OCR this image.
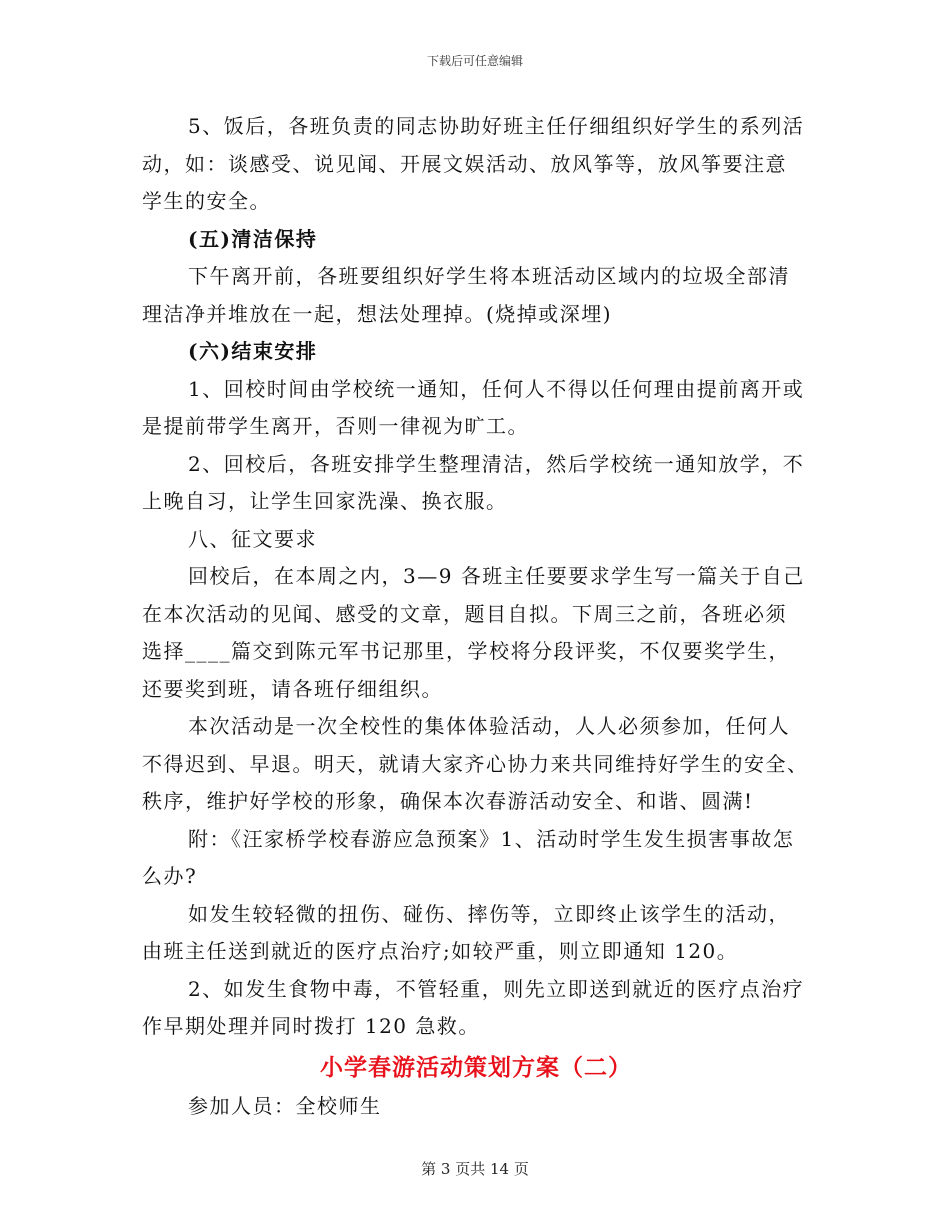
下载后可任意编辑
5、饭后，各班负责的同志协助好班主任仔细组织好学生的系列活
动，如：谈感受、说见闻、开展文娱活动、放风筝等，放风筝要注意
学生的安全。
(五)清洁保持
下午离开前，各班要组织好学生将本班活动区域内的垃圾全部清
理洁净并堆放在一起，想法处理掉。(烧掉或深埋)
(六)结束安排
1、回校时间由学校统一通知，任何人不得以任何理由提前离开或
是提前带学生离开，否则一律视为旷工。
2、回校后，各班安排学生整理清洁，然后学校统一通知放学，不
上晚自习，让学生回家洗澡、换衣服。
八、征文要求
回校后，在本周之内，3—9 各班主任要要求学生写一篇关于自己
在本次活动的见闻、感受的文章，题目自拟。下周三之前，各班必须
选择____篇交到陈元军书记那里，学校将分段评奖，不仅要奖学生，
还要奖到班，请各班仔细组织。
本次活动是一次全校性的集体体验活动，人人必须参加，任何人
不得迟到、早退。明天，就请大家齐心协力来共同维持好学生的安全、
秩序，维护好学校的形象，确保本次春游活动安全、和谐、圆满!
附：《汪家桥学校春游应急预案》1、活动时学生发生损害事故怎
么办?
如发生较轻微的扭伤、碰伤、摔伤等，立即终止该学生的活动，
由班主任送到就近的医疗点治疗;如较严重，则立即通知 120。
2、如发生食物中毒，不管轻重，则先立即送到就近的医疗点治疗
作早期处理并同时拨打 120 急救。
小学春游活动策划方案（二）
参加人员：全校师生
第 3 页共 14 页
